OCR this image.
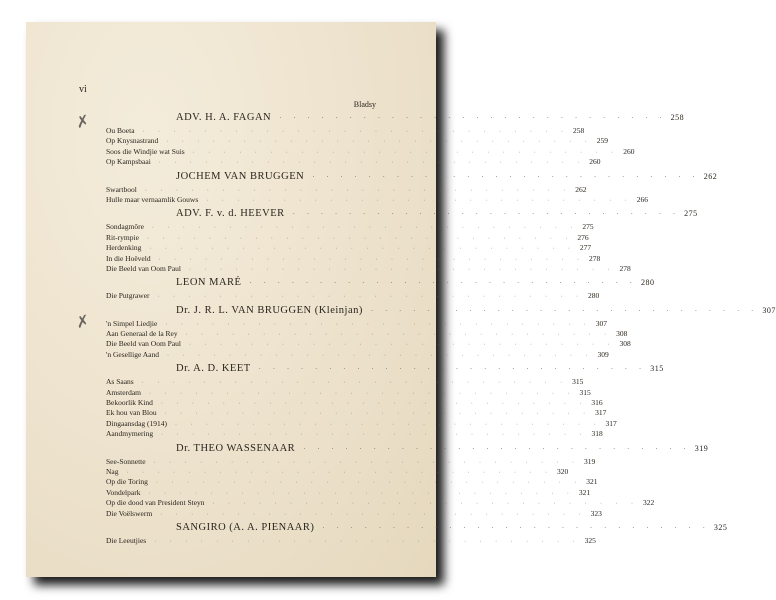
vi
Bladsy
✗
✗
ADV. H. A. FAGAN	· · · · · · · · · · · · · · · · · · · · · · · · · · · · 258
Ou Boeta	· · · · · · · · · · · · · · · · · · · · · · · · · · · · 258
Op Knysnastrand	· · · · · · · · · · · · · · · · · · · · · · · · · · · · 259
Soos die Windjie wat Suis	· · · · · · · · · · · · · · · · · · · · · · · · · · · · 260
Op Kampsbaai	· · · · · · · · · · · · · · · · · · · · · · · · · · · · 260
JOCHEM VAN BRUGGEN	· · · · · · · · · · · · · · · · · · · · · · · · · · · · 262
Swartbool	· · · · · · · · · · · · · · · · · · · · · · · · · · · · 262
Hulle maar vernaamlik Gouws	· · · · · · · · · · · · · · · · · · · · · · · · · · · · 266
ADV. F. v. d. HEEVER	· · · · · · · · · · · · · · · · · · · · · · · · · · · · 275
Sondagmôre	· · · · · · · · · · · · · · · · · · · · · · · · · · · · 275
Rit-rympie	· · · · · · · · · · · · · · · · · · · · · · · · · · · · 276
Herdenking	· · · · · · · · · · · · · · · · · · · · · · · · · · · · 277
In die Hoëveld	· · · · · · · · · · · · · · · · · · · · · · · · · · · · 278
Die Beeld van Oom Paul	· · · · · · · · · · · · · · · · · · · · · · · · · · · · 278
LEON MARÉ	· · · · · · · · · · · · · · · · · · · · · · · · · · · · 280
Die Putgrawer	· · · · · · · · · · · · · · · · · · · · · · · · · · · · 280
Dr. J. R. L. VAN BRUGGEN (Kleinjan)	· · · · · · · · · · · · · · · · · · · · · · · · · · · · 307
'n Simpel Liedjie	· · · · · · · · · · · · · · · · · · · · · · · · · · · · 307
Aan Generaal de la Rey	· · · · · · · · · · · · · · · · · · · · · · · · · · · · 308
Die Beeld van Oom Paul	· · · · · · · · · · · · · · · · · · · · · · · · · · · · 308
'n Gesellige Aand	· · · · · · · · · · · · · · · · · · · · · · · · · · · · 309
Dr. A. D. KEET	· · · · · · · · · · · · · · · · · · · · · · · · · · · · 315
As Saans	· · · · · · · · · · · · · · · · · · · · · · · · · · · · 315
Amsterdam	· · · · · · · · · · · · · · · · · · · · · · · · · · · · 315
Bekoorlik Kind	· · · · · · · · · · · · · · · · · · · · · · · · · · · · 316
Ek hou van Blou	· · · · · · · · · · · · · · · · · · · · · · · · · · · · 317
Dingaansdag (1914)	· · · · · · · · · · · · · · · · · · · · · · · · · · · · 317
Aandmymering	· · · · · · · · · · · · · · · · · · · · · · · · · · · · 318
Dr. THEO WASSENAAR	· · · · · · · · · · · · · · · · · · · · · · · · · · · · 319
See-Sonnette	· · · · · · · · · · · · · · · · · · · · · · · · · · · · 319
Nag	· · · · · · · · · · · · · · · · · · · · · · · · · · · · 320
Op die Toring	· · · · · · · · · · · · · · · · · · · · · · · · · · · · 321
Vondelpark	· · · · · · · · · · · · · · · · · · · · · · · · · · · · 321
Op die dood van President Steyn	· · · · · · · · · · · · · · · · · · · · · · · · · · · · 322
Die Voëlswerm	· · · · · · · · · · · · · · · · · · · · · · · · · · · · 323
SANGIRO (A. A. PIENAAR)	· · · · · · · · · · · · · · · · · · · · · · · · · · · · 325
Die Leeutjies	· · · · · · · · · · · · · · · · · · · · · · · · · · · · 325
